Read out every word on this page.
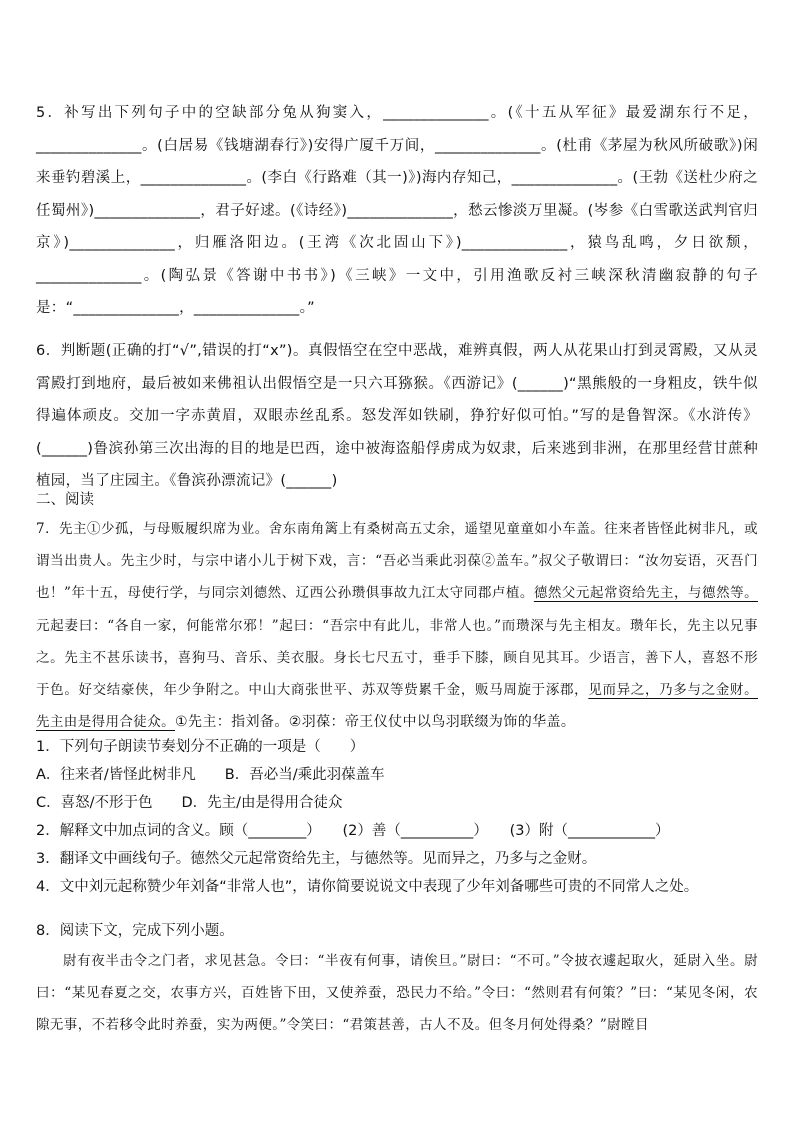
5．补写出下列句子中的空缺部分兔从狗窦入，______________。(《十五从军征》最爱湖东行不足，______________。(白居易《钱塘湖春行》)安得广厦千万间，______________。(杜甫《茅屋为秋风所破歌》)闲来垂钓碧溪上，______________。(李白《行路难（其一)》)海内存知己，______________。(王勃《送杜少府之任蜀州》)______________，君子好逑。(《诗经》)______________，愁云惨淡万里凝。(岑参《白雪歌送武判官归京》)______________，归雁洛阳边。(王湾《次北固山下》)______________，猿鸟乱鸣，夕日欲颓，______________。(陶弘景《答谢中书书》)《三峡》一文中，引用渔歌反衬三峡深秋清幽寂静的句子是：“______________，______________。”

6．判断题(正确的打“√”,错误的打“x”)。真假悟空在空中恶战，难辨真假，两人从花果山打到灵霄殿，又从灵霄殿打到地府，最后被如来佛祖认出假悟空是一只六耳猕猴。《西游记》(______)“黑熊般的一身粗皮，铁牛似得遍体顽皮。交加一字赤黄眉，双眼赤丝乱系。怒发浑如铁刷，狰狞好似可怕。”写的是鲁智深。《水浒传》(______)鲁滨孙第三次出海的目的地是巴西，途中被海盗船俘虏成为奴隶，后来逃到非洲，在那里经营甘蔗种植园，当了庄园主。《鲁滨孙漂流记》(______)

二、阅读

7．先主①少孤，与母贩履织席为业。舍东南角篱上有桑树高五丈余，遥望见童童如小车盖。往来者皆怪此树非凡，或谓当出贵人。先主少时，与宗中诸小儿于树下戏，言：“吾必当乘此羽葆②盖车。”叔父子敬谓曰：“汝勿妄语，灭吾门也！”年十五，母使行学，与同宗刘德然、辽西公孙瓒俱事故九江太守同郡卢植。德然父元起常资给先主，与德然等。元起妻曰：“各自一家，何能常尔邪！”起曰：“吾宗中有此儿，非常人也。”而瓒深与先主相友。瓒年长，先主以兄事之。先主不甚乐读书，喜狗马、音乐、美衣服。身长七尺五寸，垂手下膝，顾自见其耳。少语言，善下人，喜怒不形于色。好交结豪侠，年少争附之。中山大商张世平、苏双等赀累千金，贩马周旋于涿郡，见而异之，乃多与之金财。先主由是得用合徒众。①先主：指刘备。②羽葆：帝王仪仗中以鸟羽联缀为饰的华盖。

1．下列句子朗读节奏划分不正确的一项是（　　）

A．往来者/皆怪此树非凡　　B．吾必当/乘此羽葆盖车

C．喜怒/不形于色　　D．先主/由是得用合徒众

2．解释文中加点词的含义。顾（________）　　(2）善（__________）　　(3）附（____________）

3．翻译文中画线句子。德然父元起常资给先主，与德然等。见而异之，乃多与之金财。

4．文中刘元起称赞少年刘备“非常人也”，请你简要说说文中表现了少年刘备哪些可贵的不同常人之处。

8．阅读下文，完成下列小题。

尉有夜半击令之门者，求见甚急。令曰：“半夜有何事，请俟旦。”尉曰：“不可。”令披衣遽起取火，延尉入坐。尉曰：“某见春夏之交，农事方兴，百姓皆下田，又使养蚕，恐民力不给。”令曰：“然则君有何策？”曰：“某见冬闲，农隙无事，不若移令此时养蚕，实为两便。”令笑曰：“君策甚善，古人不及。但冬月何处得桑？”尉瞠目
